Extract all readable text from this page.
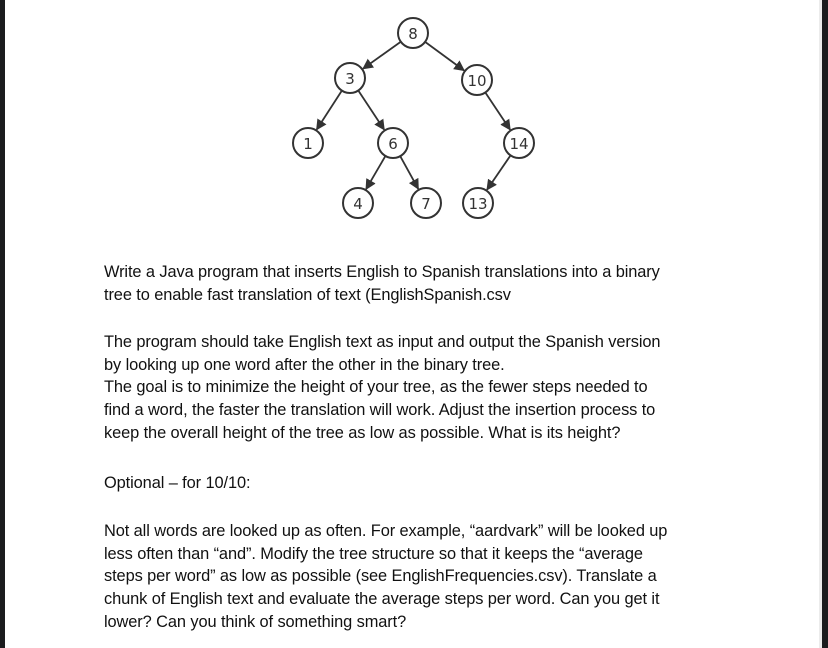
8
3	10
1	6	14
4	7	13

Write a Java program that inserts English to Spanish translations into a binary

tree to enable fast translation of text (EnglishSpanish.csv

The program should take English text as input and output the Spanish version

by looking up one word after the other in the binary tree.

The goal is to minimize the height of your tree, as the fewer steps needed to

find a word, the faster the translation will work. Adjust the insertion process to

keep the overall height of the tree as low as possible. What is its height?

Optional – for 10/10:

Not all words are looked up as often. For example, “aardvark” will be looked up

less often than “and”. Modify the tree structure so that it keeps the “average

steps per word” as low as possible (see EnglishFrequencies.csv). Translate a

chunk of English text and evaluate the average steps per word. Can you get it

lower? Can you think of something smart?
